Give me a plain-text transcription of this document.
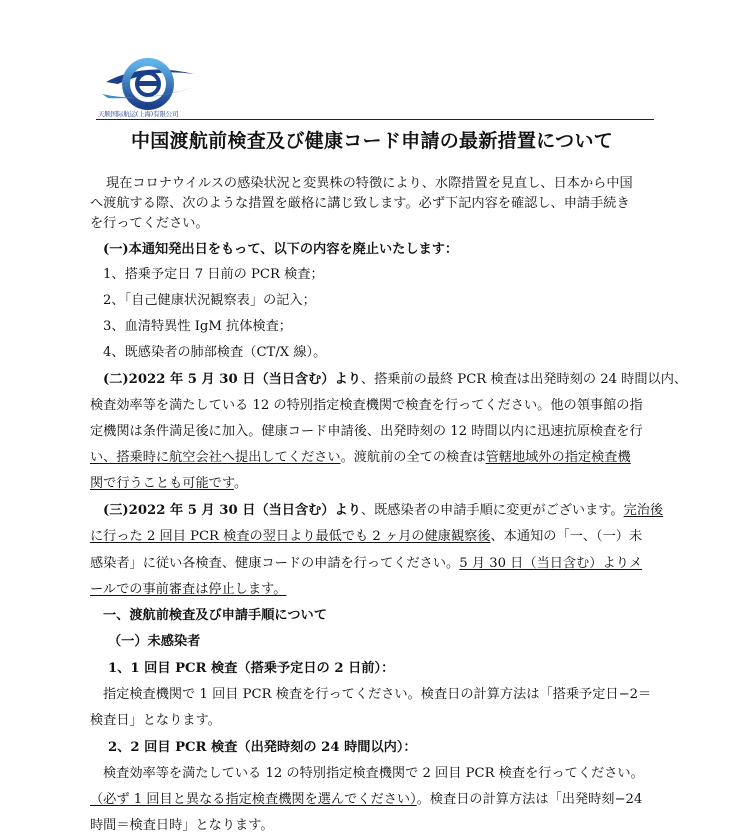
天顺国际航运(上海)有限公司
中国渡航前検査及び健康コード申請の最新措置について
現在コロナウイルスの感染状況と変異株の特徴により、水際措置を見直し、日本から中国
へ渡航する際、次のような措置を厳格に講じ致します。必ず下記内容を確認し、申請手続き
を行ってください。
(一)本通知発出日をもって、以下の内容を廃止いたします：
1、搭乗予定日 7 日前の PCR 検査；
2、「自己健康状況観察表」の記入；
3、血清特異性 IgM 抗体検査；
4、既感染者の肺部検査（CT/X 線）。
(二)2022 年 5 月 30 日（当日含む）より、搭乗前の最終 PCR 検査は出発時刻の 24 時間以内、
検査効率等を満たしている 12 の特別指定検査機関で検査を行ってください。他の領事館の指
定機関は条件満足後に加入。健康コード申請後、出発時刻の 12 時間以内に迅速抗原検査を行
い、搭乗時に航空会社へ提出してください。渡航前の全ての検査は管轄地域外の指定検査機
関で行うことも可能です。
(三)2022 年 5 月 30 日（当日含む）より、既感染者の申請手順に変更がございます。完治後
に行った 2 回目 PCR 検査の翌日より最低でも 2 ヶ月の健康観察後、本通知の「一、（一）未
感染者」に従い各検査、健康コードの申請を行ってください。5 月 30 日（当日含む）よりメ
ールでの事前審査は停止します。
一、渡航前検査及び申請手順について
（一）未感染者
1、1 回目 PCR 検査（搭乗予定日の 2 日前）：
指定検査機関で 1 回目 PCR 検査を行ってください。検査日の計算方法は「搭乗予定日−2＝
検査日」となります。
2、2 回目 PCR 検査（出発時刻の 24 時間以内）：
検査効率等を満たしている 12 の特別指定検査機関で 2 回目 PCR 検査を行ってください。
（必ず 1 回目と異なる指定検査機関を選んでください）。検査日の計算方法は「出発時刻−24
時間＝検査日時」となります。
